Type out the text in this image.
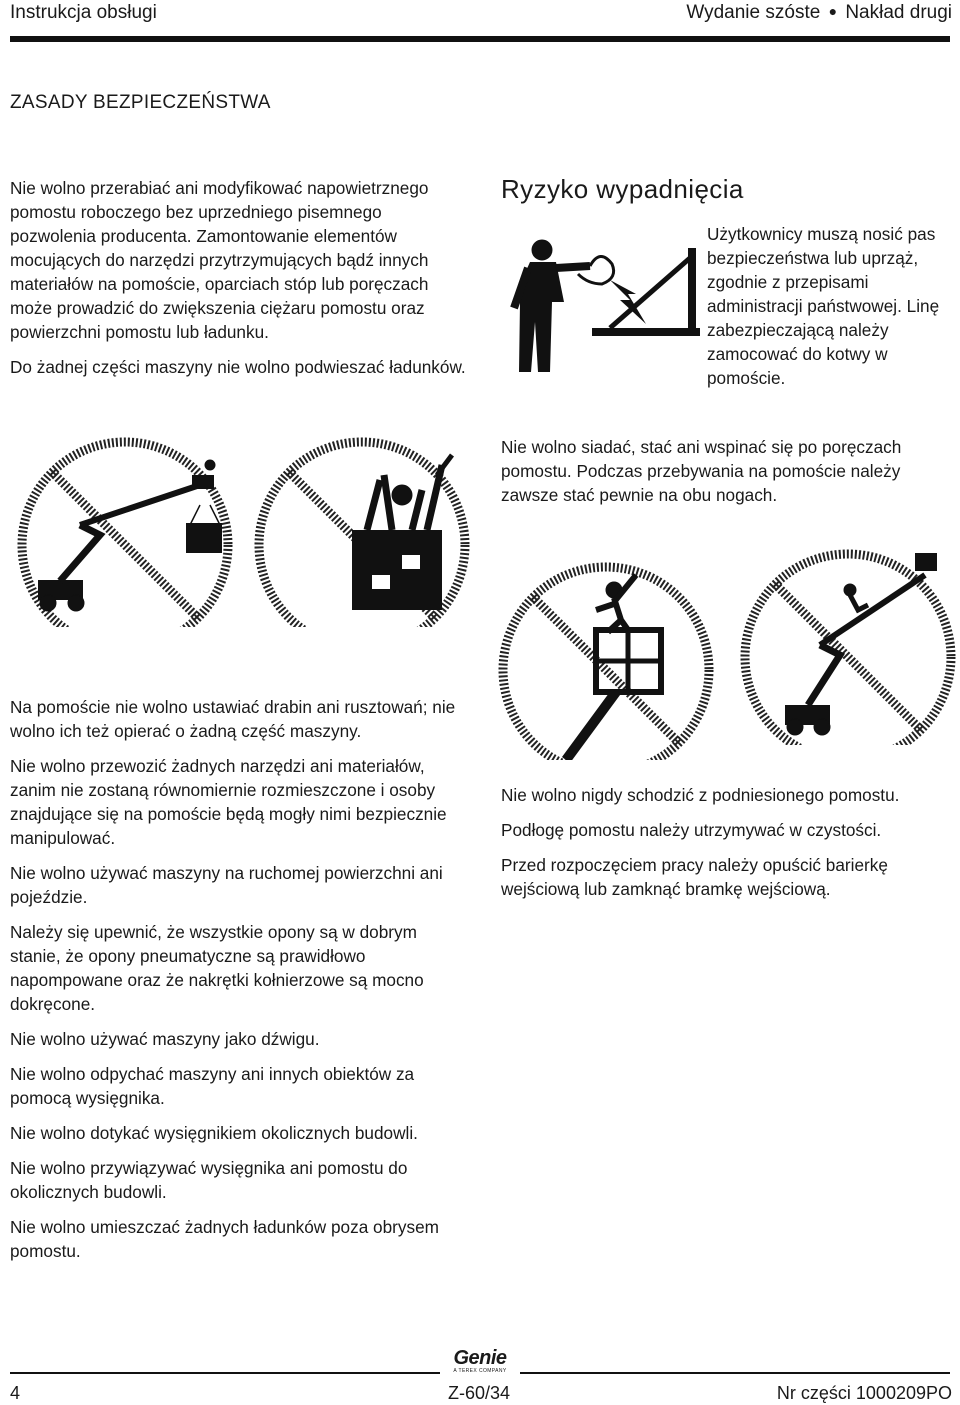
Instrukcja obsługi	Wydanie szóste ● Nakład drugi
ZASADY BEZPIECZEŃSTWA

Nie wolno przerabiać ani modyfikować napowietrznego pomostu roboczego bez uprzedniego pisemnego pozwolenia producenta. Zamontowanie elementów mocujących do narzędzi przytrzymujących bądź innych materiałów na pomoście, oparciach stóp lub poręczach może prowadzić do zwiększenia ciężaru pomostu oraz powierzchni pomostu lub ładunku.

Do żadnej części maszyny nie wolno podwieszać ładunków.

Ryzyko wypadnięcia
Użytkownicy muszą nosić pas bezpieczeństwa lub uprząż, zgodnie z przepisami administracji państwowej. Linę zabezpieczającą należy zamocować do kotwy w pomoście.
Nie wolno siadać, stać ani wspinać się po poręczach pomostu. Podczas przebywania na pomoście należy zawsze stać pewnie na obu nogach.

Na pomoście nie wolno ustawiać drabin ani rusztowań; nie wolno ich też opierać o żadną część maszyny.

Nie wolno przewozić żadnych narzędzi ani materiałów, zanim nie zostaną równomiernie rozmieszczone i osoby znajdujące się na pomoście będą mogły nimi bezpiecznie manipulować.

Nie wolno używać maszyny na ruchomej powierzchni ani pojeździe.

Należy się upewnić, że wszystkie opony są w dobrym stanie, że opony pneumatyczne są prawidłowo napompowane oraz że nakrętki kołnierzowe są mocno dokręcone.

Nie wolno używać maszyny jako dźwigu.

Nie wolno odpychać maszyny ani innych obiektów za pomocą wysięgnika.

Nie wolno dotykać wysięgnikiem okolicznych budowli.

Nie wolno przywiązywać wysięgnika ani pomostu do okolicznych budowli.

Nie wolno umieszczać żadnych ładunków poza obrysem pomostu.

Nie wolno nigdy schodzić z podniesionego pomostu.

Podłogę pomostu należy utrzymywać w czystości.

Przed rozpoczęciem pracy należy opuścić barierkę wejściową lub zamknąć bramkę wejściową.

Genie
A TEREX COMPANY
4	Z-60/34	Nr części 1000209PO
